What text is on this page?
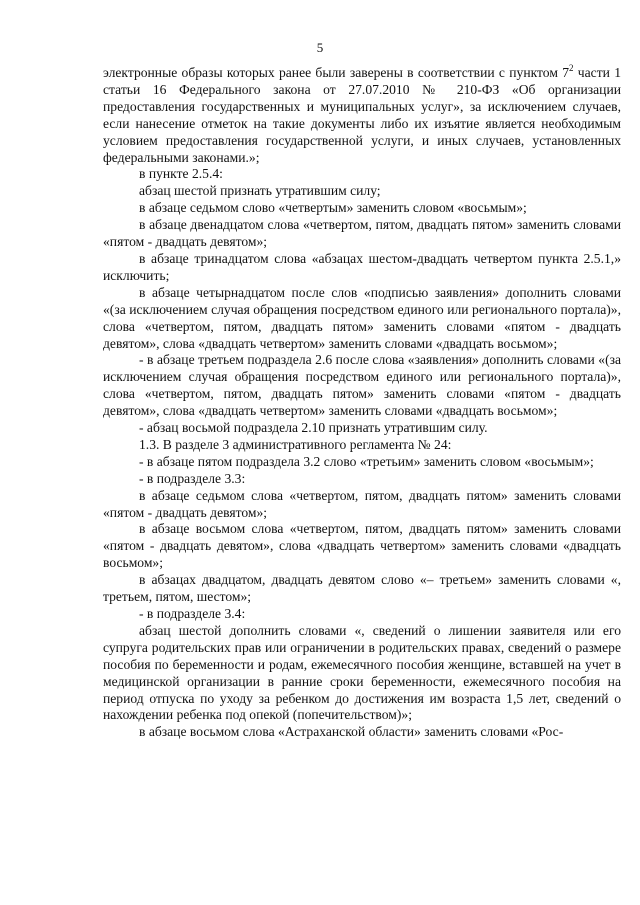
5

электронные образы которых ранее были заверены в соответствии с пунктом $7^2$ части 1 статьи 16 Федерального закона от 27.07.2010 № 210-ФЗ «Об организации предоставления государственных и муниципальных услуг», за исключением случаев, если нанесение отметок на такие документы либо их изъятие является необходимым условием предоставления государственной услуги, и иных случаев, установленных федеральными законами.»;

в пункте 2.5.4:

абзац шестой признать утратившим силу;

в абзаце седьмом слово «четвертым» заменить словом «восьмым»;

в абзаце двенадцатом слова «четвертом, пятом, двадцать пятом» заменить словами «пятом - двадцать девятом»;

в абзаце тринадцатом слова «абзацах шестом-двадцать четвертом пункта 2.5.1,» исключить;

в абзаце четырнадцатом после слов «подписью заявления» дополнить словами «(за исключением случая обращения посредством единого или регионального портала)», слова «четвертом, пятом, двадцать пятом» заменить словами «пятом - двадцать девятом», слова «двадцать четвертом» заменить словами «двадцать восьмом»;

- в абзаце третьем подраздела 2.6 после слова «заявления» дополнить словами «(за исключением случая обращения посредством единого или регионального портала)», слова «четвертом, пятом, двадцать пятом» заменить словами «пятом - двадцать девятом», слова «двадцать четвертом» заменить словами «двадцать восьмом»;

- абзац восьмой подраздела 2.10 признать утратившим силу.

1.3. В разделе 3 административного регламента № 24:

- в абзаце пятом подраздела 3.2 слово «третьим» заменить словом «восьмым»;

- в подразделе 3.3:

в абзаце седьмом слова «четвертом, пятом, двадцать пятом» заменить словами «пятом - двадцать девятом»;

в абзаце восьмом слова «четвертом, пятом, двадцать пятом» заменить словами «пятом - двадцать девятом», слова «двадцать четвертом» заменить словами «двадцать восьмом»;

в абзацах двадцатом, двадцать девятом слово «– третьем» заменить словами «, третьем, пятом, шестом»;

- в подразделе 3.4:

абзац шестой дополнить словами «, сведений о лишении заявителя или его супруга родительских прав или ограничении в родительских правах, сведений о размере пособия по беременности и родам, ежемесячного пособия женщине, вставшей на учет в медицинской организации в ранние сроки беременности, ежемесячного пособия на период отпуска по уходу за ребенком до достижения им возраста 1,5 лет, сведений о нахождении ребенка под опекой (попечительством)»;

в абзаце восьмом слова «Астраханской области» заменить словами «Рос-
